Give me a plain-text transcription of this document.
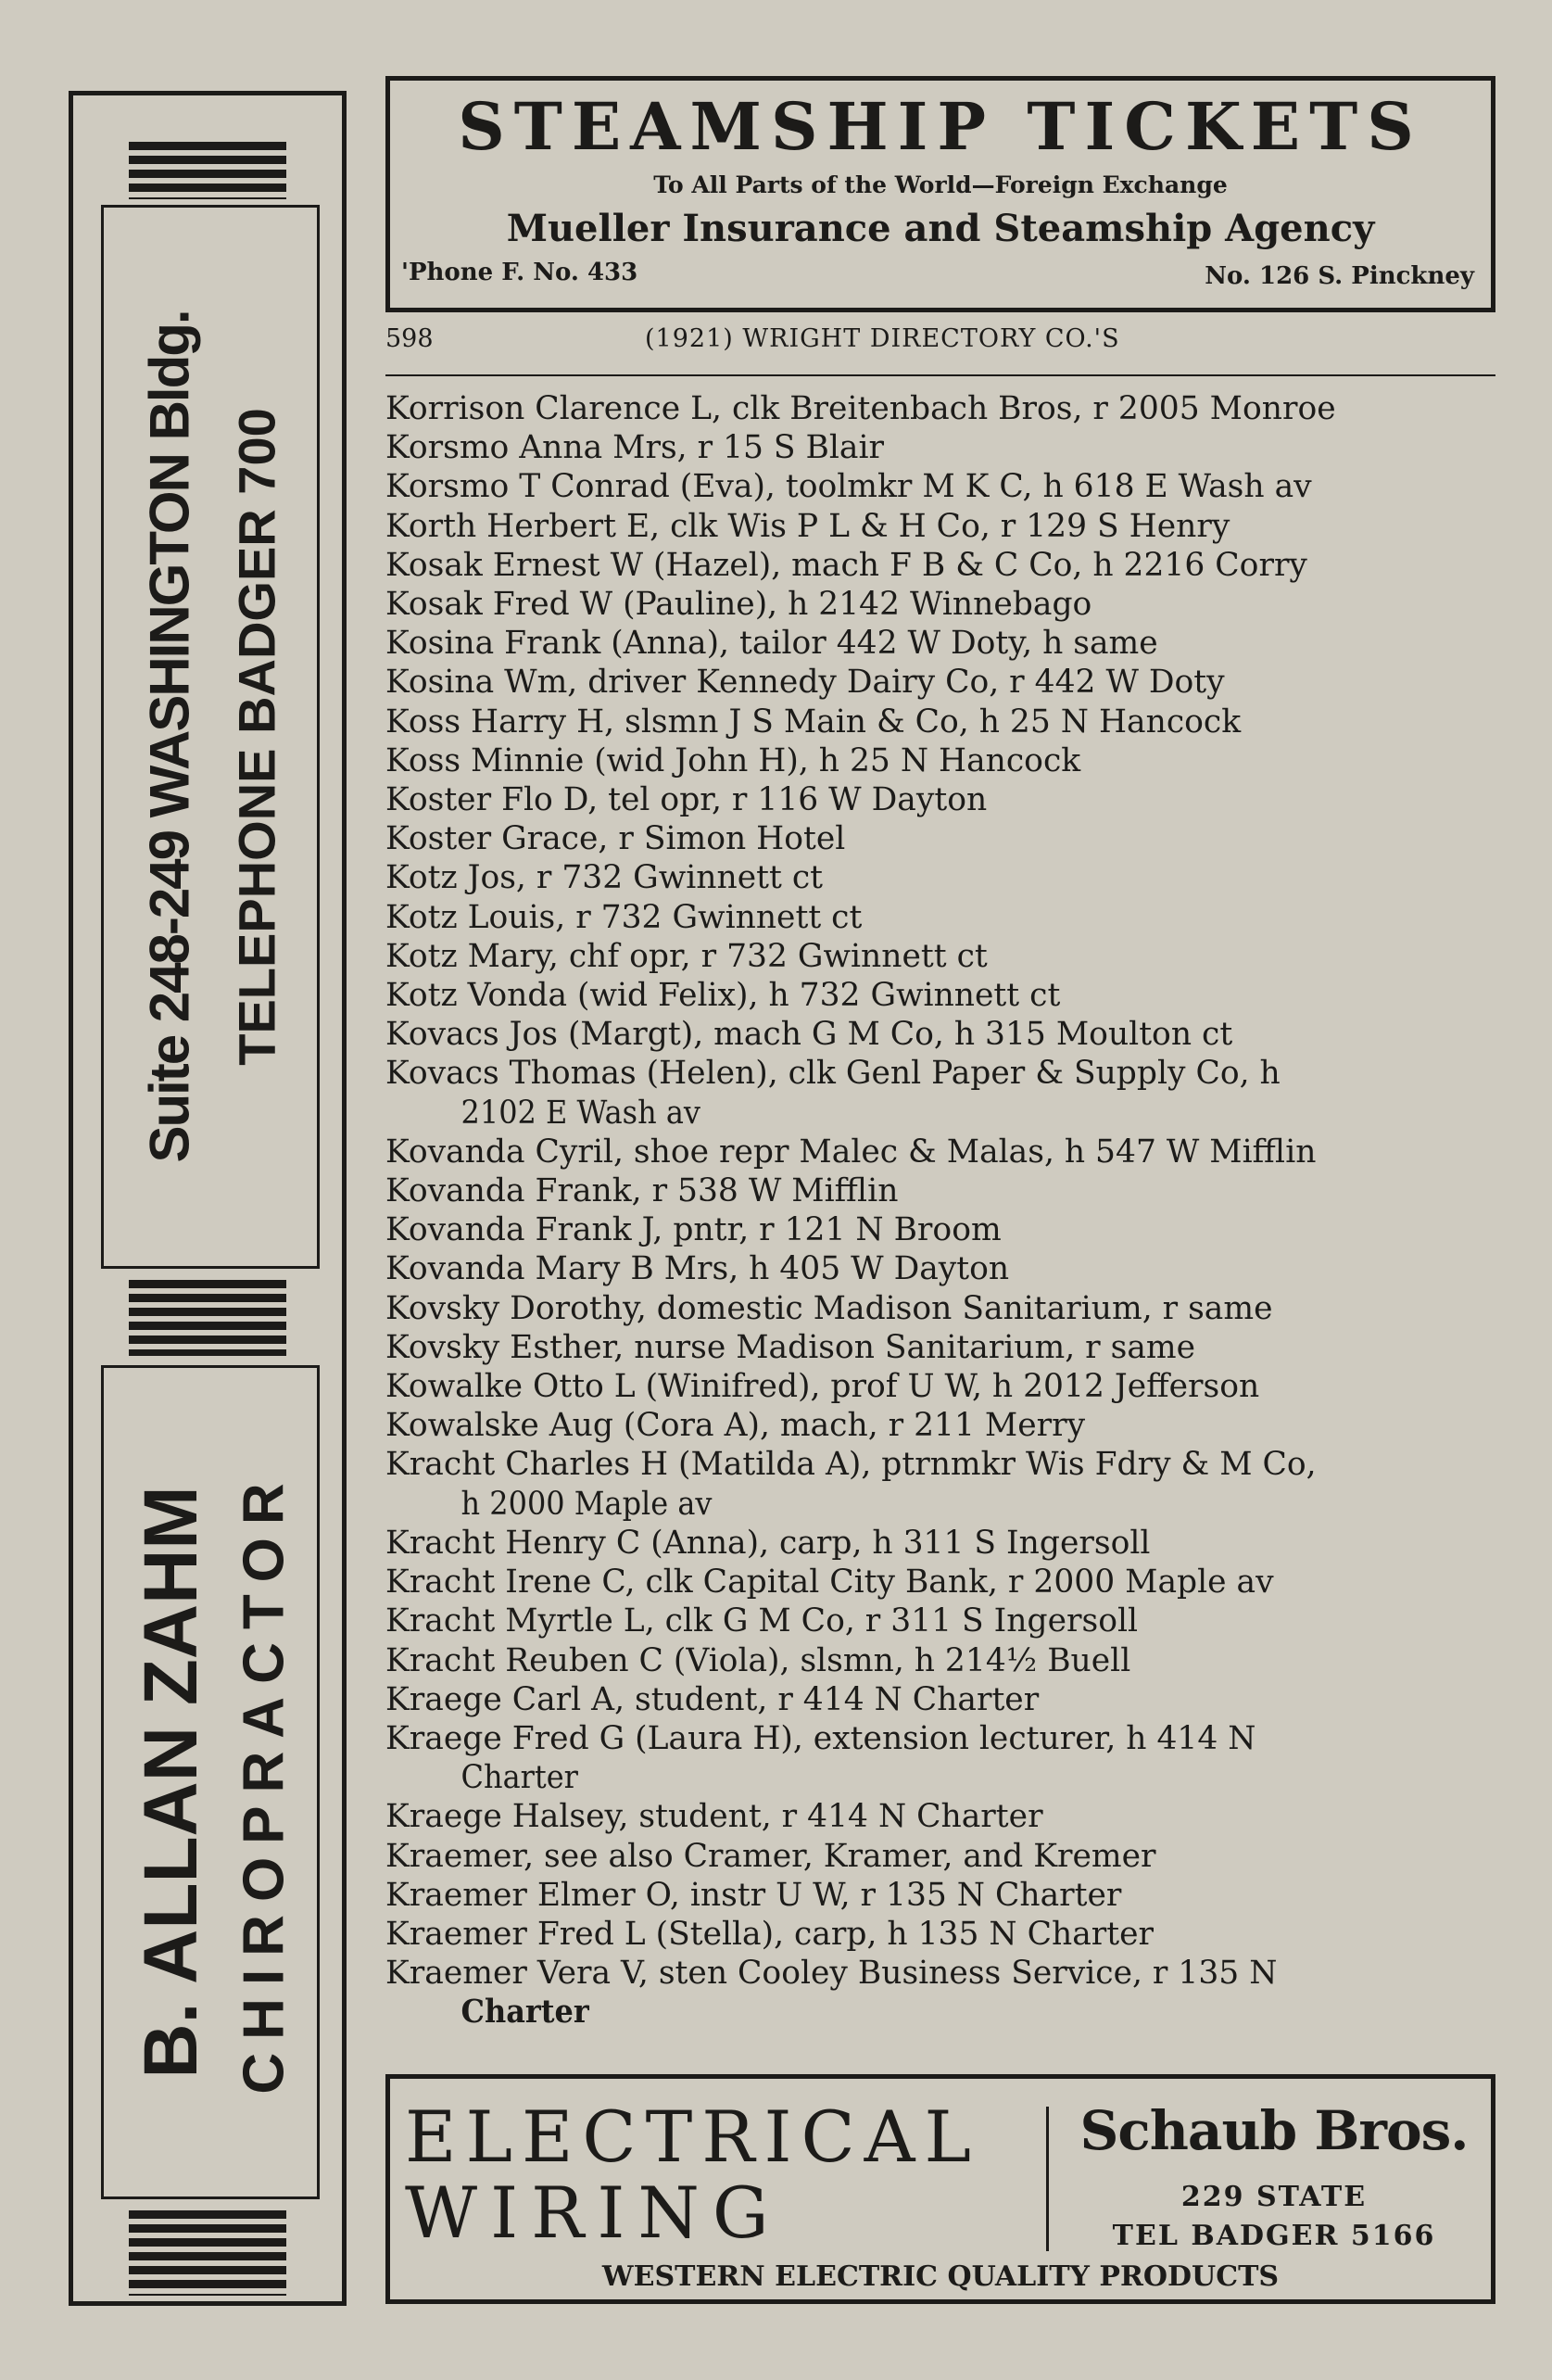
Suite 248-249 WASHINGTON Bldg. TELEPHONE BADGER 700
B. ALLAN ZAHM CHIROPRACTOR
STEAMSHIP TICKETS
To All Parts of the World—Foreign Exchange
Mueller Insurance and Steamship Agency
'Phone F. No. 433	No. 126 S. Pinckney
598	(1921) WRIGHT DIRECTORY CO.'S
Korrison Clarence L, clk Breitenbach Bros, r 2005 Monroe
Korsmo Anna Mrs, r 15 S Blair
Korsmo T Conrad (Eva), toolmkr M K C, h 618 E Wash av
Korth Herbert E, clk Wis P L & H Co, r 129 S Henry
Kosak Ernest W (Hazel), mach F B & C Co, h 2216 Corry
Kosak Fred W (Pauline), h 2142 Winnebago
Kosina Frank (Anna), tailor 442 W Doty, h same
Kosina Wm, driver Kennedy Dairy Co, r 442 W Doty
Koss Harry H, slsmn J S Main & Co, h 25 N Hancock
Koss Minnie (wid John H), h 25 N Hancock
Koster Flo D, tel opr, r 116 W Dayton
Koster Grace, r Simon Hotel
Kotz Jos, r 732 Gwinnett ct
Kotz Louis, r 732 Gwinnett ct
Kotz Mary, chf opr, r 732 Gwinnett ct
Kotz Vonda (wid Felix), h 732 Gwinnett ct
Kovacs Jos (Margt), mach G M Co, h 315 Moulton ct
Kovacs Thomas (Helen), clk Genl Paper & Supply Co, h
2102 E Wash av
Kovanda Cyril, shoe repr Malec & Malas, h 547 W Mifflin
Kovanda Frank, r 538 W Mifflin
Kovanda Frank J, pntr, r 121 N Broom
Kovanda Mary B Mrs, h 405 W Dayton
Kovsky Dorothy, domestic Madison Sanitarium, r same
Kovsky Esther, nurse Madison Sanitarium, r same
Kowalke Otto L (Winifred), prof U W, h 2012 Jefferson
Kowalske Aug (Cora A), mach, r 211 Merry
Kracht Charles H (Matilda A), ptrnmkr Wis Fdry & M Co,
h 2000 Maple av
Kracht Henry C (Anna), carp, h 311 S Ingersoll
Kracht Irene C, clk Capital City Bank, r 2000 Maple av
Kracht Myrtle L, clk G M Co, r 311 S Ingersoll
Kracht Reuben C (Viola), slsmn, h 214½ Buell
Kraege Carl A, student, r 414 N Charter
Kraege Fred G (Laura H), extension lecturer, h 414 N
Charter
Kraege Halsey, student, r 414 N Charter
Kraemer, see also Cramer, Kramer, and Kremer
Kraemer Elmer O, instr U W, r 135 N Charter
Kraemer Fred L (Stella), carp, h 135 N Charter
Kraemer Vera V, sten Cooley Business Service, r 135 N
Charter
ELECTRICAL
WIRING
Schaub Bros.
229 STATE
TEL BADGER 5166
WESTERN ELECTRIC QUALITY PRODUCTS
